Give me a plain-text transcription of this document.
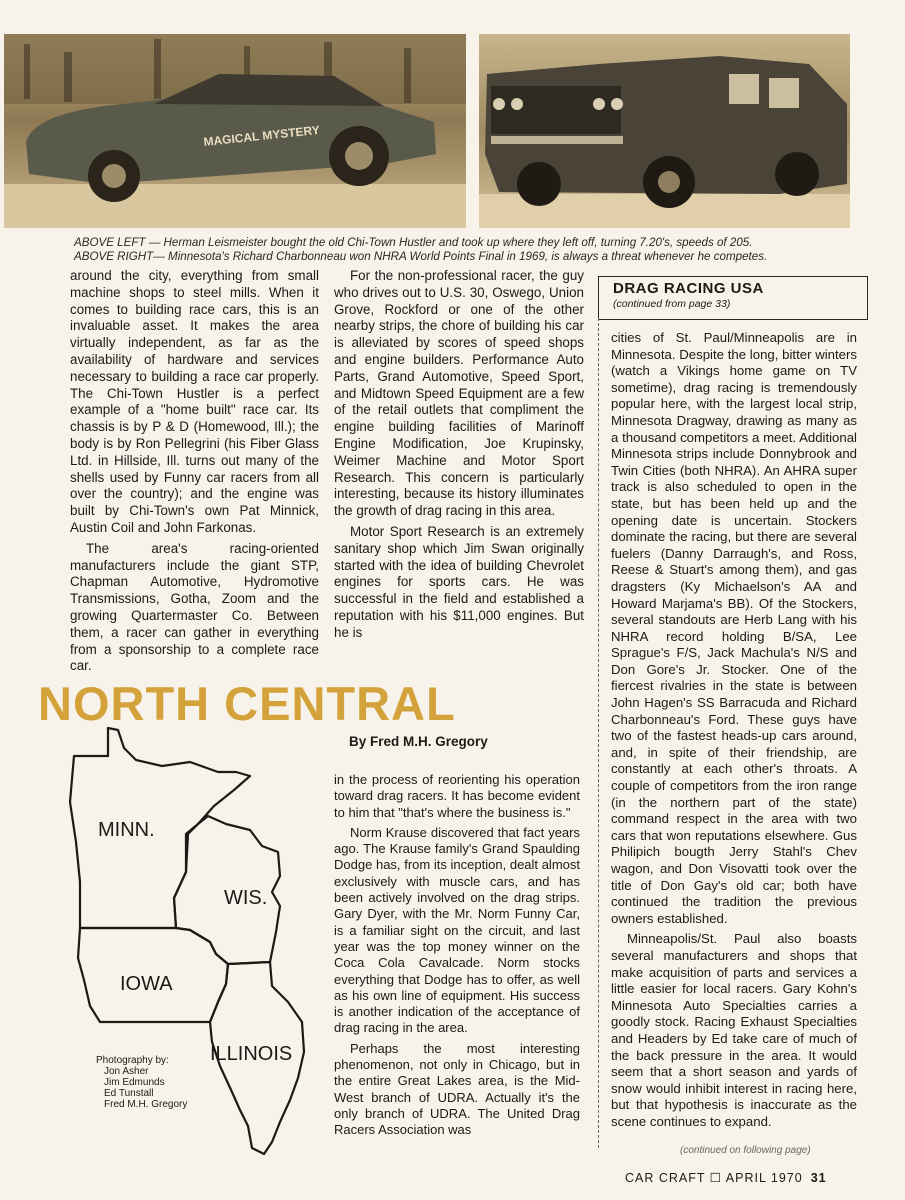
MAGICAL MYSTERY
ABOVE LEFT — Herman Leismeister bought the old Chi-Town Hustler and took up where they left off, turning 7.20's, speeds of 205.
ABOVE RIGHT— Minnesota's Richard Charbonneau won NHRA World Points Final in 1969, is always a threat whenever he competes.

around the city, everything from small machine shops to steel mills. When it comes to building race cars, this is an invaluable asset. It makes the area virtually independent, as far as the availability of hardware and services necessary to building a race car properly. The Chi-Town Hustler is a perfect example of a "home built" race car. Its chassis is by P & D (Homewood, Ill.); the body is by Ron Pellegrini (his Fiber Glass Ltd. in Hillside, Ill. turns out many of the shells used by Funny car racers from all over the country); and the engine was built by Chi-Town's own Pat Minnick, Austin Coil and John Farkonas.

The area's racing-oriented manufacturers include the giant STP, Chapman Automotive, Hydromotive Transmissions, Gotha, Zoom and the growing Quartermaster Co. Between them, a racer can gather in everything from a sponsorship to a complete race car.

For the non-professional racer, the guy who drives out to U.S. 30, Oswego, Union Grove, Rockford or one of the other nearby strips, the chore of building his car is alleviated by scores of speed shops and engine builders. Performance Auto Parts, Grand Automotive, Speed Sport, and Midtown Speed Equipment are a few of the retail outlets that compliment the engine building facilities of Marinoff Engine Modification, Joe Krupinsky, Weimer Machine and Motor Sport Research. This concern is particularly interesting, because its history illuminates the growth of drag racing in this area.

Motor Sport Research is an extremely sanitary shop which Jim Swan originally started with the idea of building Chevrolet engines for sports cars. He was successful in the field and established a reputation with his $11,000 engines. But he is

NORTH CENTRAL
By Fred M.H. Gregory
MINN.
WIS.
IOWA
ILLINOIS
Photography by:
Jon Asher
Jim Edmunds
Ed Tunstall
Fred M.H. Gregory

in the process of reorienting his operation toward drag racers. It has become evident to him that "that's where the business is."

Norm Krause discovered that fact years ago. The Krause family's Grand Spaulding Dodge has, from its inception, dealt almost exclusively with muscle cars, and has been actively involved on the drag strips. Gary Dyer, with the Mr. Norm Funny Car, is a familiar sight on the circuit, and last year was the top money winner on the Coca Cola Cavalcade. Norm stocks everything that Dodge has to offer, as well as his own line of equipment. His success is another indication of the acceptance of drag racing in the area.

Perhaps the most interesting phenomenon, not only in Chicago, but in the entire Great Lakes area, is the Mid-West branch of UDRA. Actually it's the only branch of UDRA. The United Drag Racers Association was

DRAG RACING USA
(continued from page 33)

cities of St. Paul/Minneapolis are in Minnesota. Despite the long, bitter winters (watch a Vikings home game on TV sometime), drag racing is tremendously popular here, with the largest local strip, Minnesota Dragway, drawing as many as a thousand competitors a meet. Additional Minnesota strips include Donnybrook and Twin Cities (both NHRA). An AHRA super track is also scheduled to open in the state, but has been held up and the opening date is uncertain. Stockers dominate the racing, but there are several fuelers (Danny Darraugh's, and Ross, Reese & Stuart's among them), and gas dragsters (Ky Michaelson's AA and Howard Marjama's BB). Of the Stockers, several standouts are Herb Lang with his NHRA record holding B/SA, Lee Sprague's F/S, Jack Machula's N/S and Don Gore's Jr. Stocker. One of the fiercest rivalries in the state is between John Hagen's SS Barracuda and Richard Charbonneau's Ford. These guys have two of the fastest heads-up cars around, and, in spite of their friendship, are constantly at each other's throats. A couple of competitors from the iron range (in the northern part of the state) command respect in the area with two cars that won reputations elsewhere. Gus Philipich bougth Jerry Stahl's Chev wagon, and Don Visovatti took over the title of Don Gay's old car; both have continued the tradition the previous owners established.

Minneapolis/St. Paul also boasts several manufacturers and shops that make acquisition of parts and services a little easier for local racers. Gary Kohn's Minnesota Auto Specialties carries a goodly stock. Racing Exhaust Specialties and Headers by Ed take care of much of the back pressure in the area. It would seem that a short season and yards of snow would inhibit interest in racing here, but that hypothesis is inaccurate as the scene continues to expand.

(continued on following page)
CAR CRAFT ☐ APRIL 1970 31
